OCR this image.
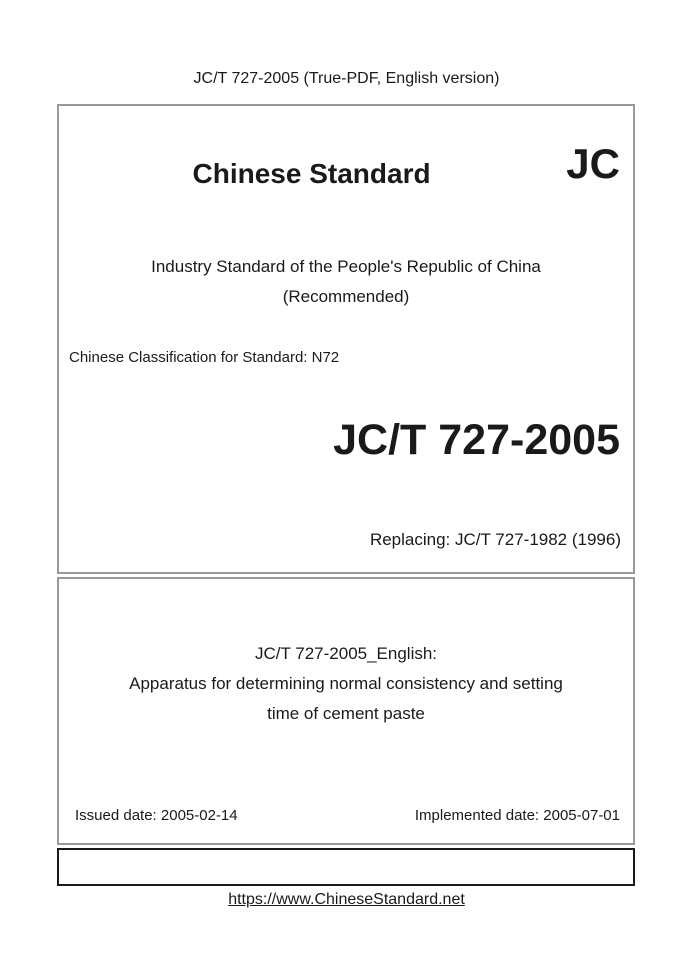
JC/T 727-2005 (True-PDF, English version)
Chinese Standard	JC
Industry Standard of the People's Republic of China
(Recommended)
Chinese Classification for Standard: N72
JC/T 727-2005
Replacing: JC/T 727-1982 (1996)
JC/T 727-2005_English:
Apparatus for determining normal consistency and setting
time of cement paste
Issued date: 2005-02-14	Implemented date: 2005-07-01
https://www.ChineseStandard.net
